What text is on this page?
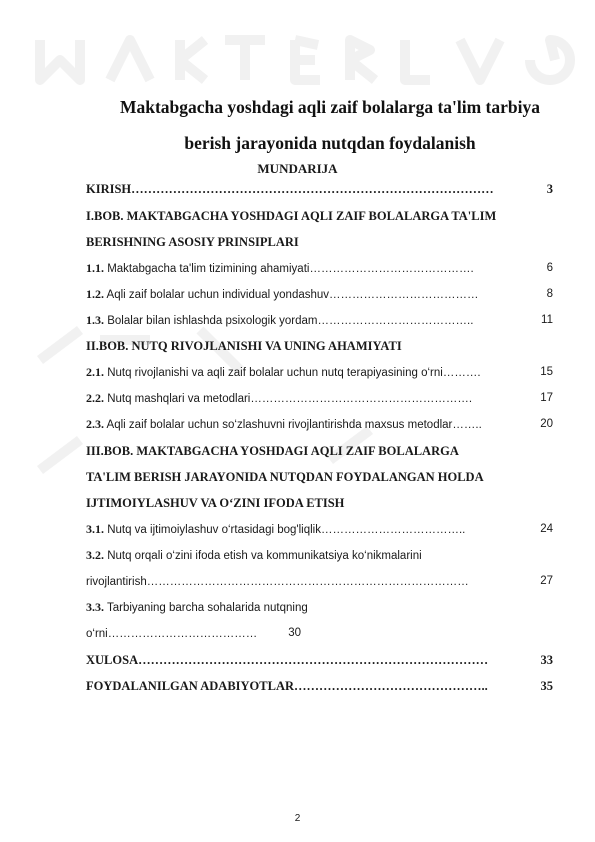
Maktabgacha yoshdagi aqli zaif bolalarga ta'lim tarbiya
berish jarayonida nutqdan foydalanish
MUNDARIJA
KIRISH……………………………………………………………………………	3
I.BOB. MAKTABGACHA YOSHDAGI AQLI ZAIF BOLALARGA TA'LIM
BERISHNING ASOSIY PRINSIPLARI
1.1. Maktabgacha ta'lim tizimining ahamiyati…………………………………….	6
1.2. Aqli zaif bolalar uchun individual yondashuv…………………………………	8
1.3. Bolalar bilan ishlashda psixologik yordam…………………………………..	11
II.BOB. NUTQ RIVOJLANISHI VA UNING AHAMIYATI
2.1. Nutq rivojlanishi va aqli zaif bolalar uchun nutq terapiyasining o‘rni……….	15
2.2. Nutq mashqlari va metodlari………………………………………………….	17
2.3. Aqli zaif bolalar uchun so‘zlashuvni rivojlantirishda maxsus metodlar……..	20
III.BOB. MAKTABGACHA YOSHDAGI AQLI ZAIF BOLALARGA
TA'LIM BERISH JARAYONIDA NUTQDAN FOYDALANGAN HOLDA
IJTIMOIYLASHUV VA O‘ZINI IFODA ETISH
3.1. Nutq va ijtimoiylashuv o‘rtasidagi bog'liqlik………………………………..	24
3.2. Nutq orqali o‘zini ifoda etish va kommunikatsiya ko‘nikmalarini
rivojlantirish…………………………………………………………………………	27
3.3. Tarbiyaning barcha sohalarida nutqning
o‘rni…………………………………	30
XULOSA…………………………………………………………………………	33
FOYDALANILGAN ADABIYOTLAR………………………………………..	35
2
